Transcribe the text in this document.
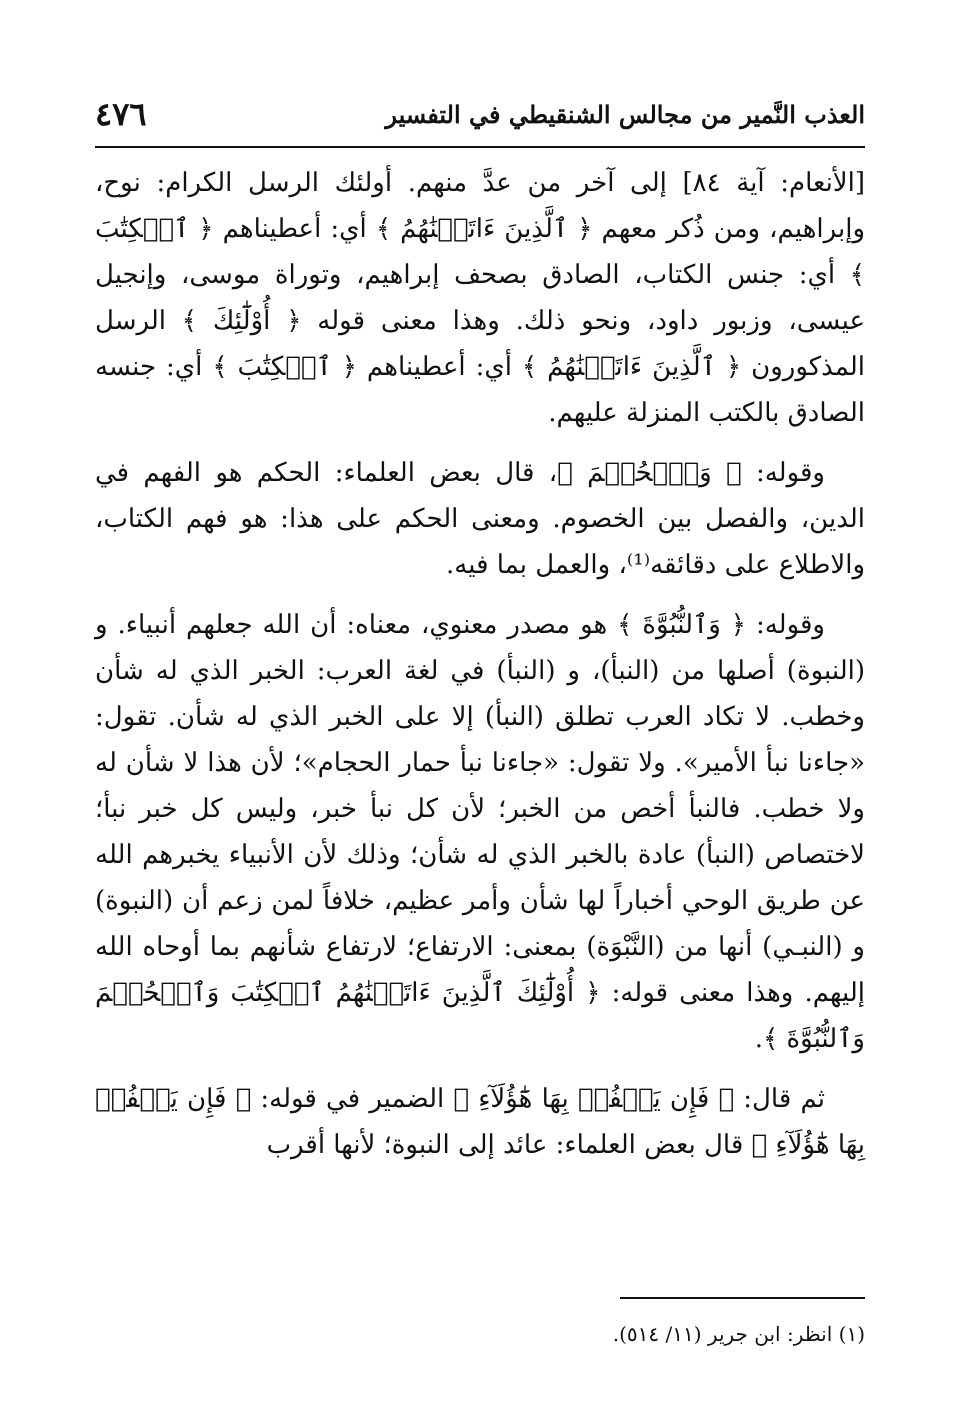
العذب النَّمير من مجالس الشنقيطي في التفسير
٤٧٦

[الأنعام: آية ٨٤] إلى آخر من عدَّ منهم. أولئك الرسل الكرام: نوح، وإبراهيم، ومن ذُكر معهم ﴿ ٱلَّذِينَ ءَاتَيۡنَٰهُمُ ﴾ أي: أعطيناهم ﴿ ٱلۡكِتَٰبَ ﴾ أي: جنس الكتاب، الصادق بصحف إبراهيم، وتوراة موسى، وإنجيل عيسى، وزبور داود، ونحو ذلك. وهذا معنى قوله ﴿ أُوْلَٰٓئِكَ ﴾ الرسل المذكورون ﴿ ٱلَّذِينَ ءَاتَيۡنَٰهُمُ ﴾ أي: أعطيناهم ﴿ ٱلۡكِتَٰبَ ﴾ أي: جنسه الصادق بالكتب المنزلة عليهم.

وقوله: ﴿ وَٱلۡحُكۡمَ ﴾، قال بعض العلماء: الحكم هو الفهم في الدين، والفصل بين الخصوم. ومعنى الحكم على هذا: هو فهم الكتاب، والاطلاع على دقائقه⁽¹⁾، والعمل بما فيه.

وقوله: ﴿ وَٱلنُّبُوَّةَ ﴾ هو مصدر معنوي، معناه: أن الله جعلهم أنبياء. و (النبوة) أصلها من (النبأ)، و (النبأ) في لغة العرب: الخبر الذي له شأن وخطب. لا تكاد العرب تطلق (النبأ) إلا على الخبر الذي له شأن. تقول: «جاءنا نبأ الأمير». ولا تقول: «جاءنا نبأ حمار الحجام»؛ لأن هذا لا شأن له ولا خطب. فالنبأ أخص من الخبر؛ لأن كل نبأ خبر، وليس كل خبر نبأ؛ لاختصاص (النبأ) عادة بالخبر الذي له شأن؛ وذلك لأن الأنبياء يخبرهم الله عن طريق الوحي أخباراً لها شأن وأمر عظيم، خلافاً لمن زعم أن (النبوة) و (النبـي) أنها من (النَّبْوَة) بمعنى: الارتفاع؛ لارتفاع شأنهم بما أوحاه الله إليهم. وهذا معنى قوله: ﴿ أُوْلَٰٓئِكَ ٱلَّذِينَ ءَاتَيۡنَٰهُمُ ٱلۡكِتَٰبَ وَٱلۡحُكۡمَ وَٱلنُّبُوَّةَ ﴾.

ثم قال: ﴿ فَإِن يَكۡفُرۡ بِهَا هَٰٓؤُلَآءِ ﴾ الضمير في قوله: ﴿ فَإِن يَكۡفُرۡ بِهَا هَٰٓؤُلَآءِ ﴾ قال بعض العلماء: عائد إلى النبوة؛ لأنها أقرب

(١) انظر: ابن جرير (١١/ ٥١٤).
